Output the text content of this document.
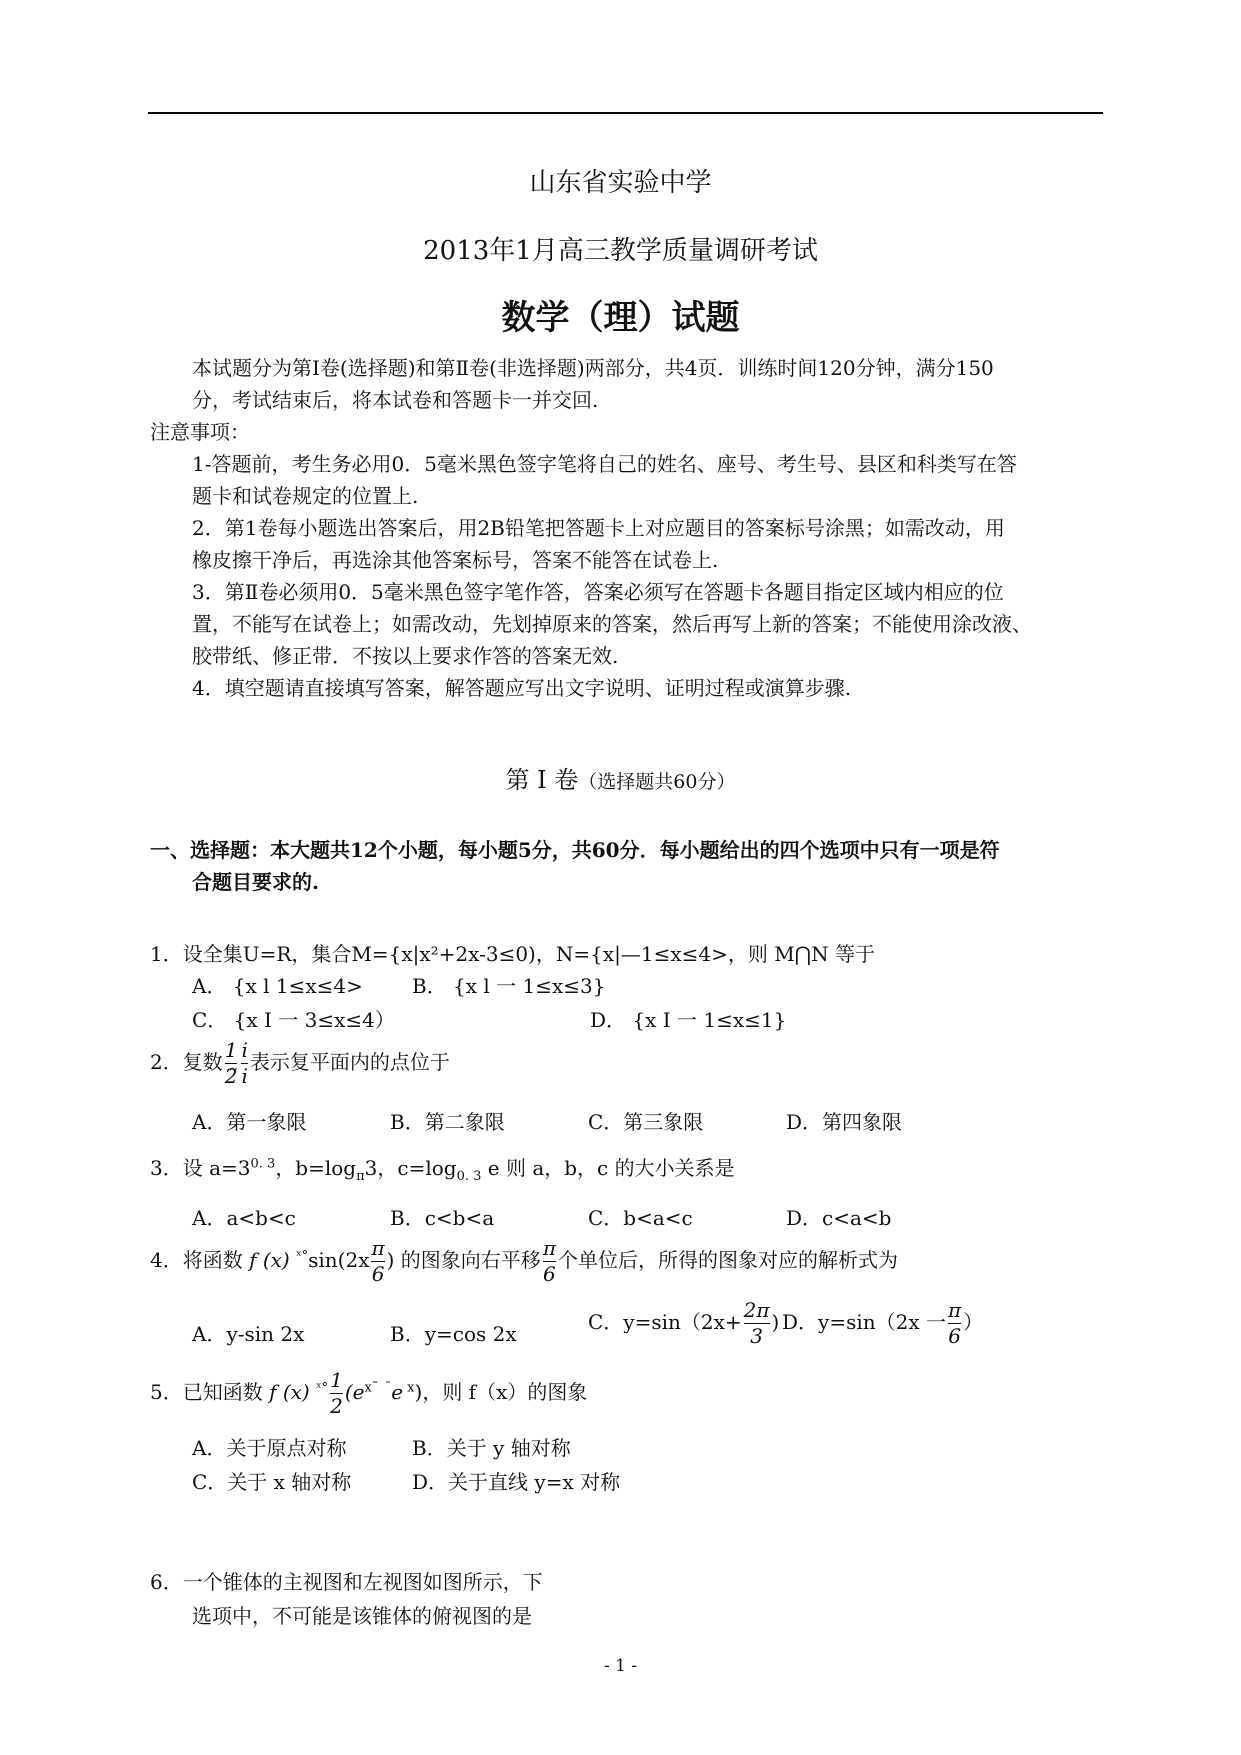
山东省实验中学
2013年1月高三教学质量调研考试
数学（理）试题

本试题分为第Ⅰ卷(选择题)和第Ⅱ卷(非选择题)两部分，共4页．训练时间120分钟，满分150

分，考试结束后，将本试卷和答题卡一并交回.

注意事项：

1-答题前，考生务必用0．5毫米黑色签字笔将自己的姓名、座号、考生号、县区和科类写在答

题卡和试卷规定的位置上.

2．第1卷每小题选出答案后，用2B铅笔把答题卡上对应题目的答案标号涂黑；如需改动，用

橡皮擦干净后，再选涂其他答案标号，答案不能答在试卷上.

3．第Ⅱ卷必须用0．5毫米黑色签字笔作答，答案必须写在答题卡各题目指定区域内相应的位

置，不能写在试卷上；如需改动，先划掉原来的答案，然后再写上新的答案；不能使用涂改液、

胶带纸、修正带．不按以上要求作答的答案无效.

4．填空题请直接填写答案，解答题应写出文字说明、证明过程或演算步骤.

第 I 卷（选择题共60分）

一、选择题：本大题共12个小题，每小题5分，共60分．每小题给出的四个选项中只有一项是符

合题目要求的.

1．设全集U=R，集合M={x|x²+2x-3≤0)，N={x|—1≤x≤4>，则 M⋂N 等于
A． {x l 1≤x≤4> B． {x l 一 1≤x≤3}
C． {x I 一 3≤x≤4）	D． {x I 一 1≤x≤1}
2．复数 $\frac{1}{2̃} \frac{i}{i}$ 表示复平面内的点位于
A．第一象限	B．第二象限	C．第三象限	D．第四象限
3．设 $a=3^{0. 3}$，$b=\log_\pi 3$，$c=\log_{0. 3}$ e 则 a，b，c 的大小关系是
A．a<b<c	B．c<b<a	C．b<a<c	D．c<a<b
4．将函数 f (x) $^{ˣ^\circ}\sin(2x \frac{\pi}{6}$ ) 的图象向右平移 $\frac{\pi}{6}$ 个单位后，所得的图象对应的解析式为
A．y-sin 2x	B．y=cos 2x	C．$y=\sin(2x+ \frac{2\pi}{3}$ ) D．y=sin（2x 一 $\frac{\pi}{6}$ ）
5．已知函数 f (x) $^{ˣ^\circ} \frac{1}{2} (e^{x˜}$ $^ˉ$e $^x$)，则 f（x）的图象
A．关于原点对称	B．关于 y 轴对称
C．关于 x 轴对称	D．关于直线 y=x 对称
6．一个锥体的主视图和左视图如图所示，下
选项中，不可能是该锥体的俯视图的是
- 1 -
